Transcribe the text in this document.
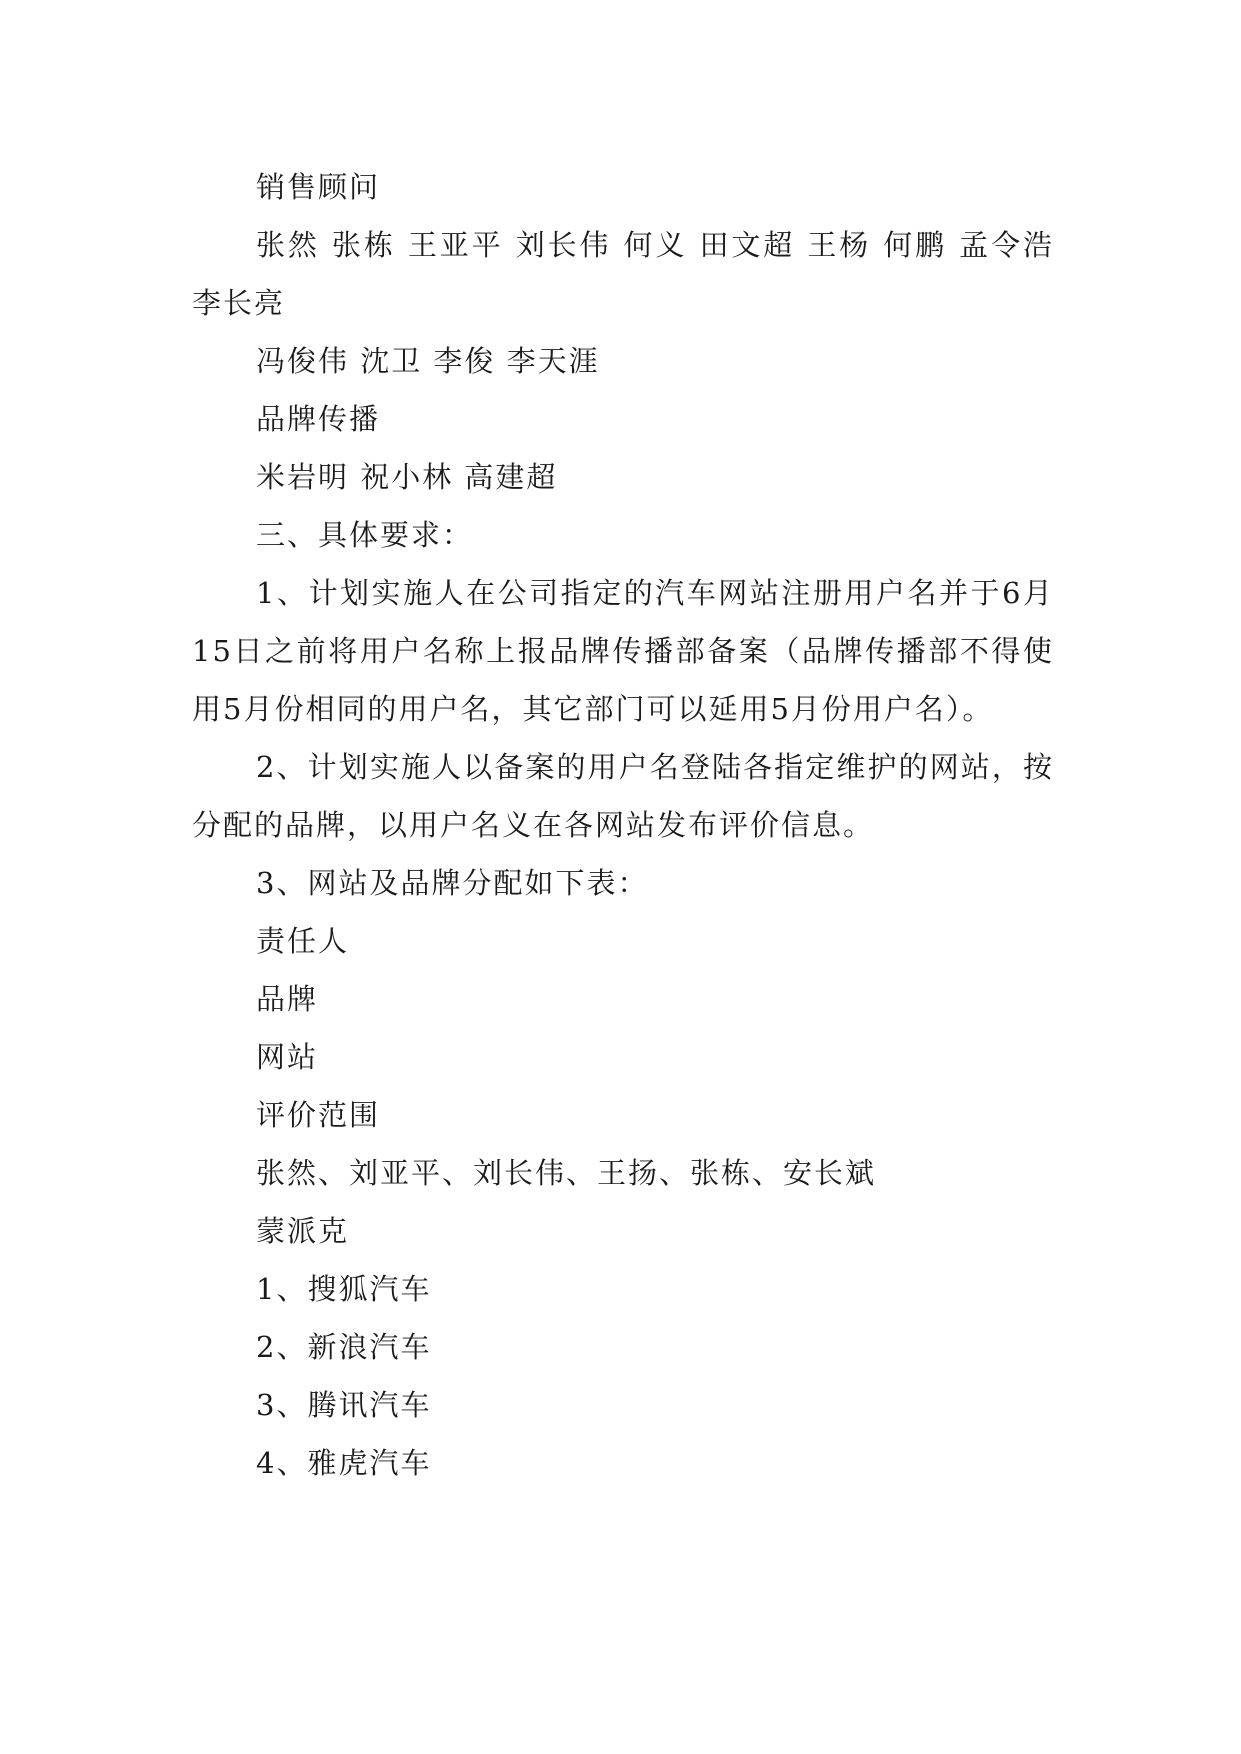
销售顾问

张然 张栋 王亚平 刘长伟 何义 田文超 王杨 何鹏 孟令浩 李长亮

冯俊伟 沈卫 李俊 李天涯

品牌传播

米岩明 祝小林 高建超

三、具体要求：

1、计划实施人在公司指定的汽车网站注册用户名并于6月15日之前将用户名称上报品牌传播部备案（品牌传播部不得使用5月份相同的用户名，其它部门可以延用5月份用户名）。

2、计划实施人以备案的用户名登陆各指定维护的网站，按分配的品牌，以用户名义在各网站发布评价信息。

3、网站及品牌分配如下表：

责任人

品牌

网站

评价范围

张然、刘亚平、刘长伟、王扬、张栋、安长斌

蒙派克

1、搜狐汽车

2、新浪汽车

3、腾讯汽车

4、雅虎汽车
